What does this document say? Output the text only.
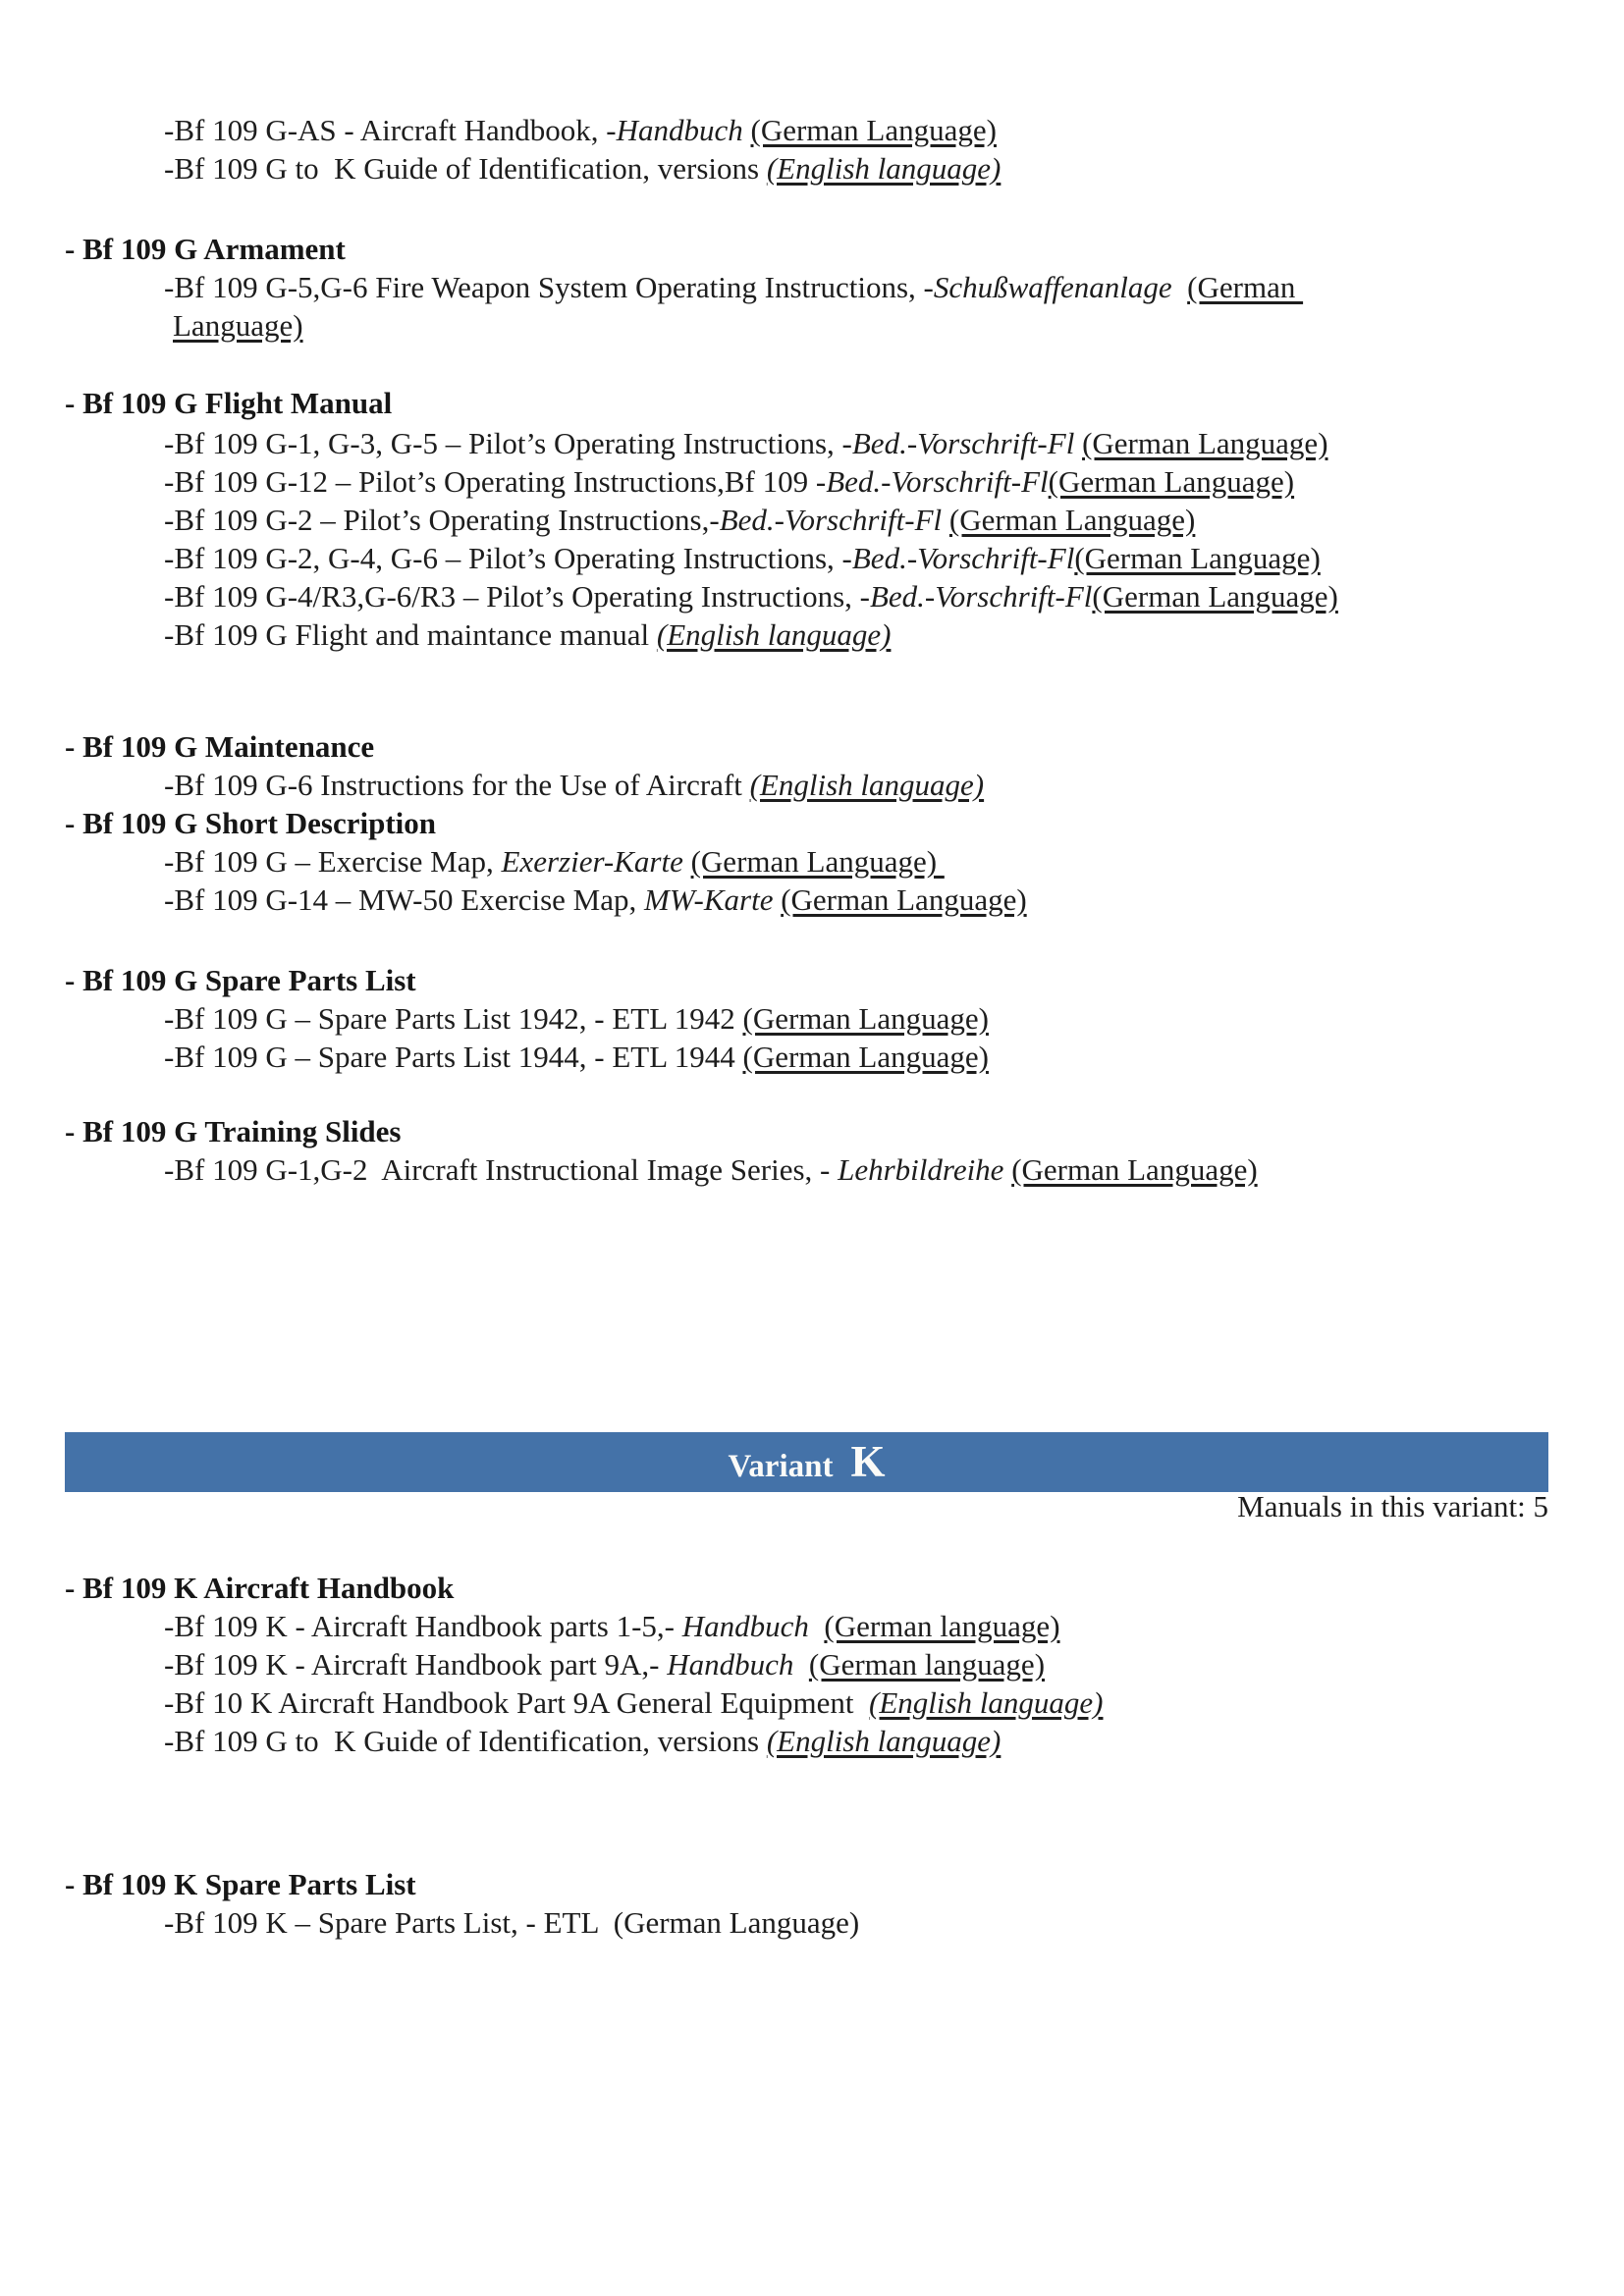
-Bf 109 G-AS - Aircraft Handbook, -Handbuch (German Language)
-Bf 109 G to  K Guide of Identification, versions (English language)
- Bf 109 G Armament
-Bf 109 G-5,G-6 Fire Weapon System Operating Instructions, -Schußwaffenanlage (German
Language)
- Bf 109 G Flight Manual
-Bf 109 G-1, G-3, G-5 – Pilot’s Operating Instructions, -Bed.-Vorschrift-Fl (German Language)
-Bf 109 G-12 – Pilot’s Operating Instructions,Bf 109 -Bed.-Vorschrift-Fl(German Language)
-Bf 109 G-2 – Pilot’s Operating Instructions,-Bed.-Vorschrift-Fl (German Language)
-Bf 109 G-2, G-4, G-6 – Pilot’s Operating Instructions, -Bed.-Vorschrift-Fl(German Language)
-Bf 109 G-4/R3,G-6/R3 – Pilot’s Operating Instructions, -Bed.-Vorschrift-Fl(German Language)
-Bf 109 G Flight and maintance manual (English language)
- Bf 109 G Maintenance
-Bf 109 G-6 Instructions for the Use of Aircraft (English language)
- Bf 109 G Short Description
-Bf 109 G – Exercise Map, Exerzier-Karte (German Language)
-Bf 109 G-14 – MW-50 Exercise Map, MW-Karte (German Language)
- Bf 109 G Spare Parts List
-Bf 109 G – Spare Parts List 1942, - ETL 1942 (German Language)
-Bf 109 G – Spare Parts List 1944, - ETL 1944 (German Language)
- Bf 109 G Training Slides
-Bf 109 G-1,G-2  Aircraft Instructional Image Series, - Lehrbildreihe (German Language)
Variant K
Manuals in this variant: 5
- Bf 109 K Aircraft Handbook
-Bf 109 K - Aircraft Handbook parts 1-5,- Handbuch (German language)
-Bf 109 K - Aircraft Handbook part 9A,- Handbuch (German language)
-Bf 10 K Aircraft Handbook Part 9A General Equipment  (English language)
-Bf 109 G to  K Guide of Identification, versions (English language)
- Bf 109 K Spare Parts List
-Bf 109 K – Spare Parts List, - ETL  (German Language)
